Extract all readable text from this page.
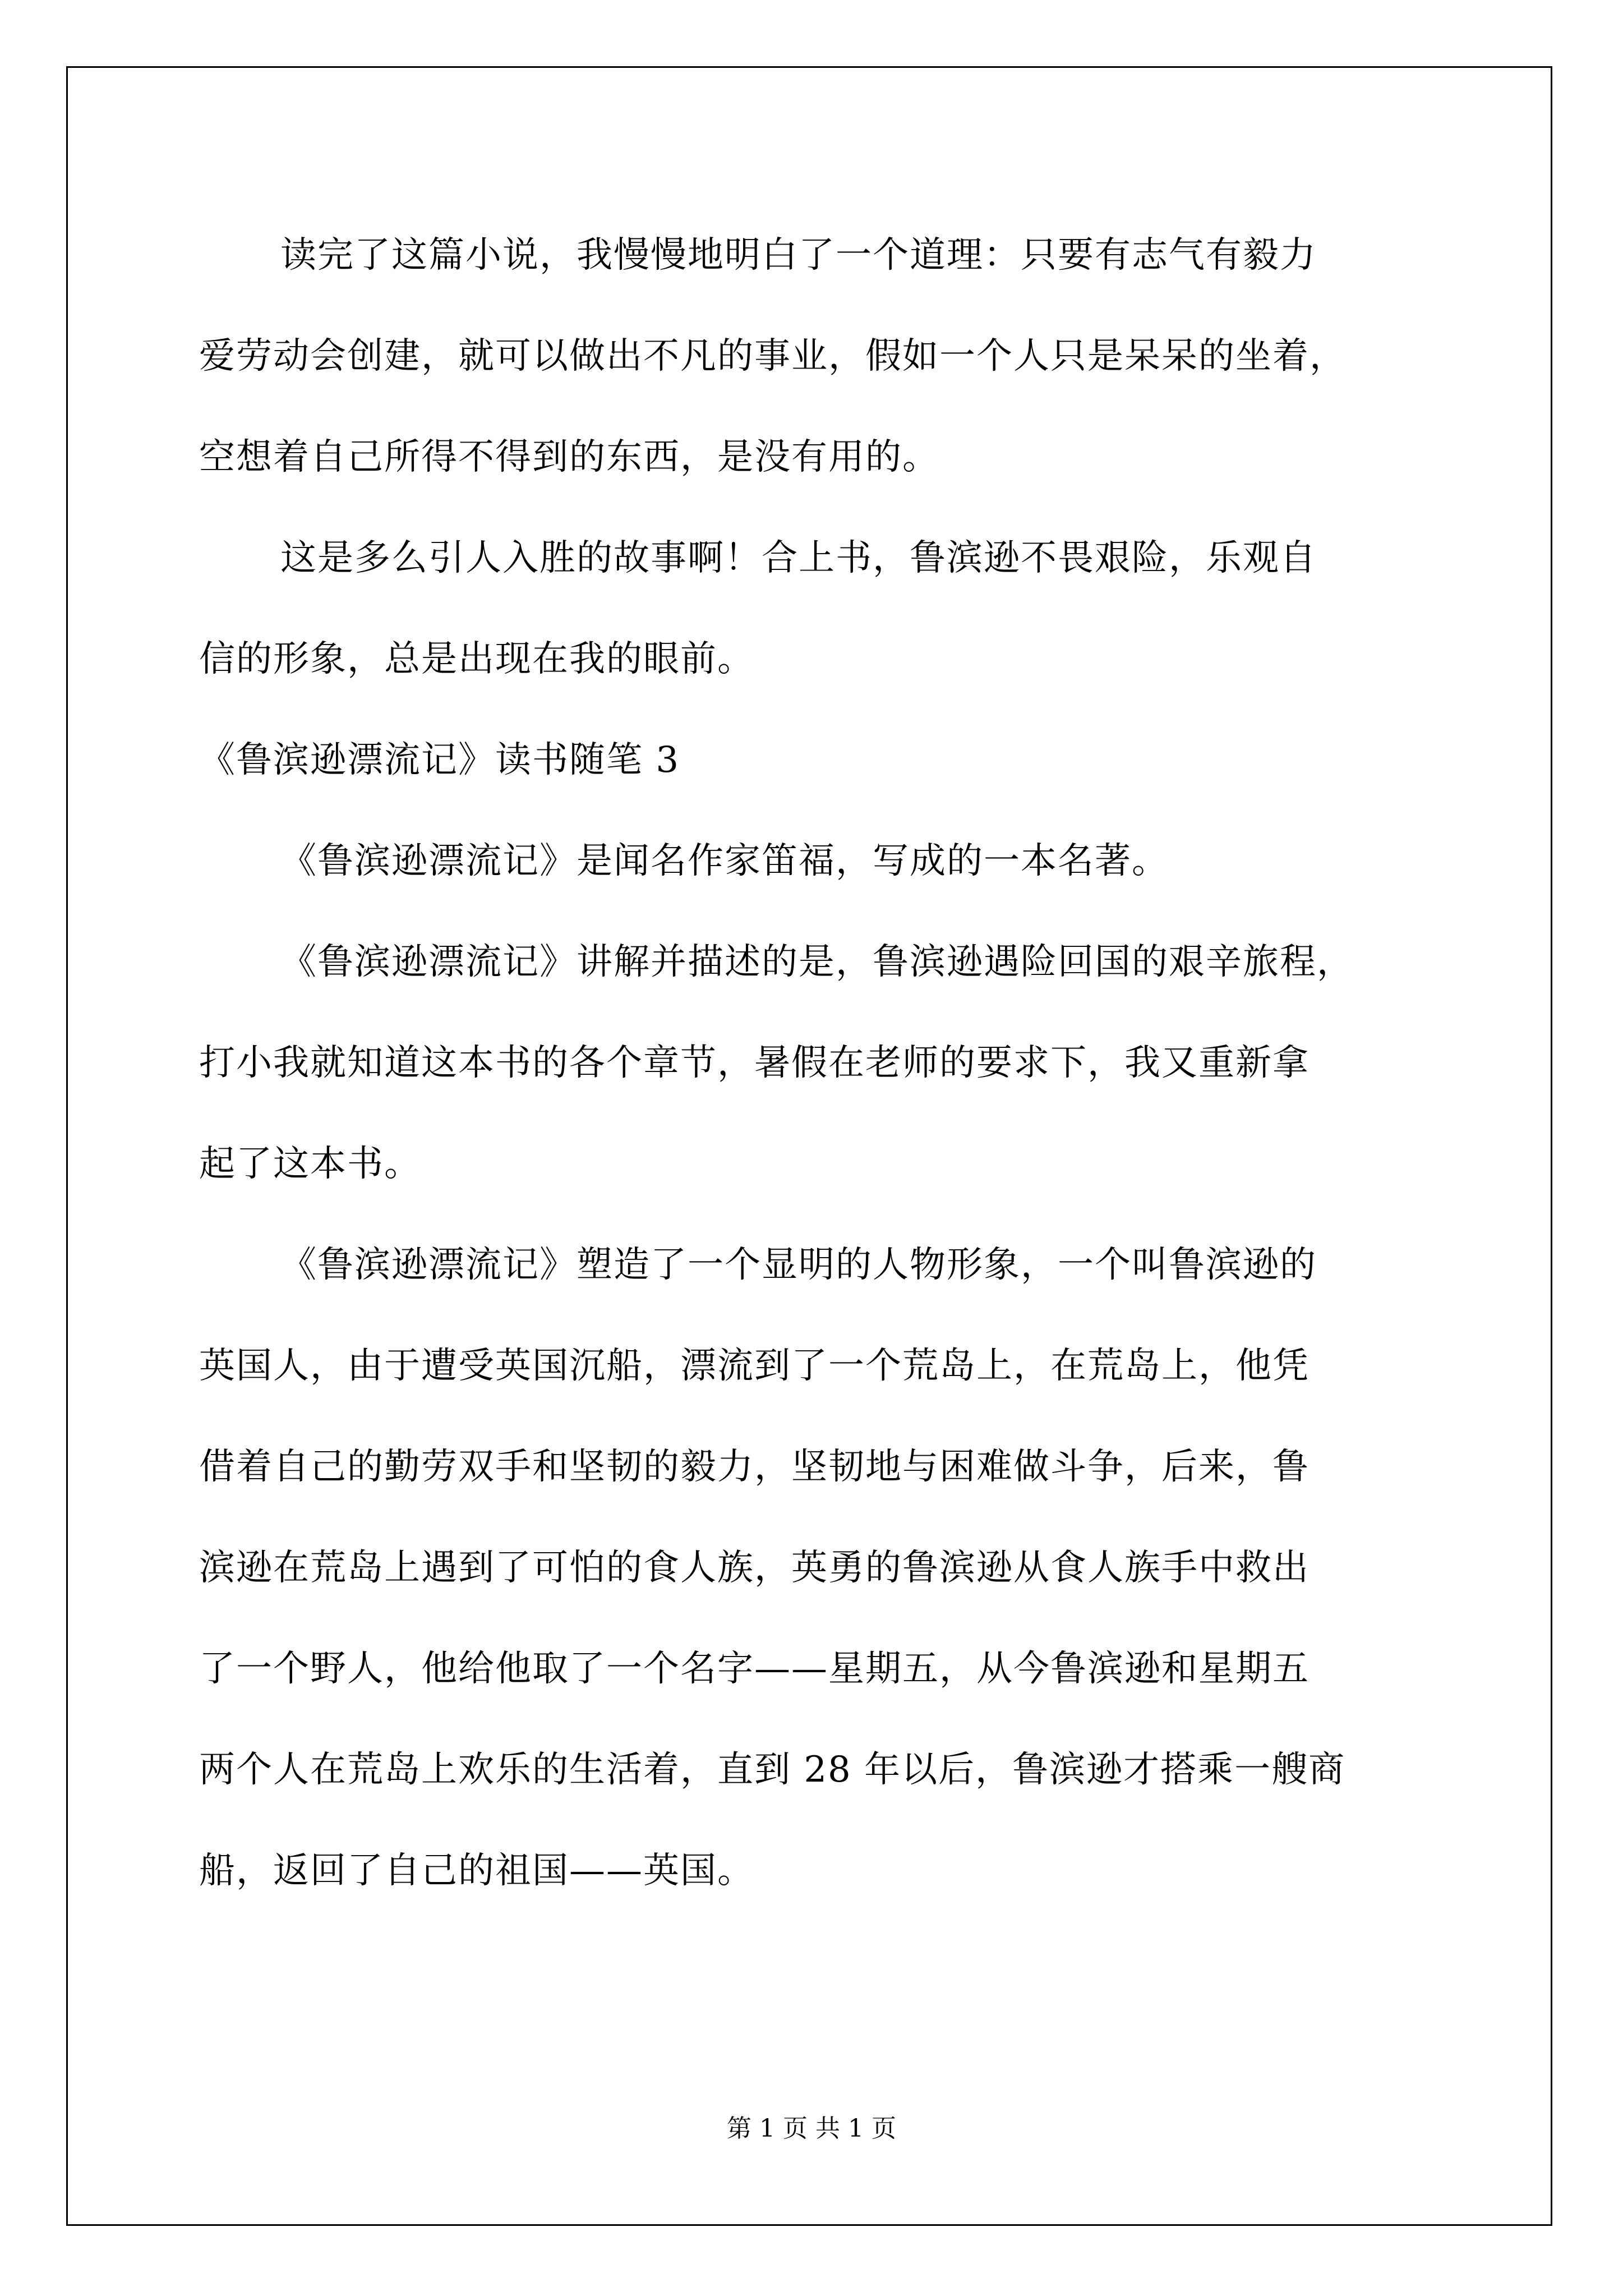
读完了这篇小说，我慢慢地明白了一个道理：只要有志气有毅力
爱劳动会创建，就可以做出不凡的事业，假如一个人只是呆呆的坐着，
空想着自己所得不得到的东西，是没有用的。
这是多么引人入胜的故事啊！合上书，鲁滨逊不畏艰险，乐观自
信的形象，总是出现在我的眼前。
《鲁滨逊漂流记》读书随笔 3
《鲁滨逊漂流记》是闻名作家笛福，写成的一本名著。
《鲁滨逊漂流记》讲解并描述的是，鲁滨逊遇险回国的艰辛旅程，
打小我就知道这本书的各个章节，暑假在老师的要求下，我又重新拿
起了这本书。
《鲁滨逊漂流记》塑造了一个显明的人物形象，一个叫鲁滨逊的
英国人，由于遭受英国沉船，漂流到了一个荒岛上，在荒岛上，他凭
借着自己的勤劳双手和坚韧的毅力，坚韧地与困难做斗争，后来，鲁
滨逊在荒岛上遇到了可怕的食人族，英勇的鲁滨逊从食人族手中救出
了一个野人，他给他取了一个名字——星期五，从今鲁滨逊和星期五
两个人在荒岛上欢乐的生活着，直到 28 年以后，鲁滨逊才搭乘一艘商
船，返回了自己的祖国——英国。
第 1 页 共 1 页
